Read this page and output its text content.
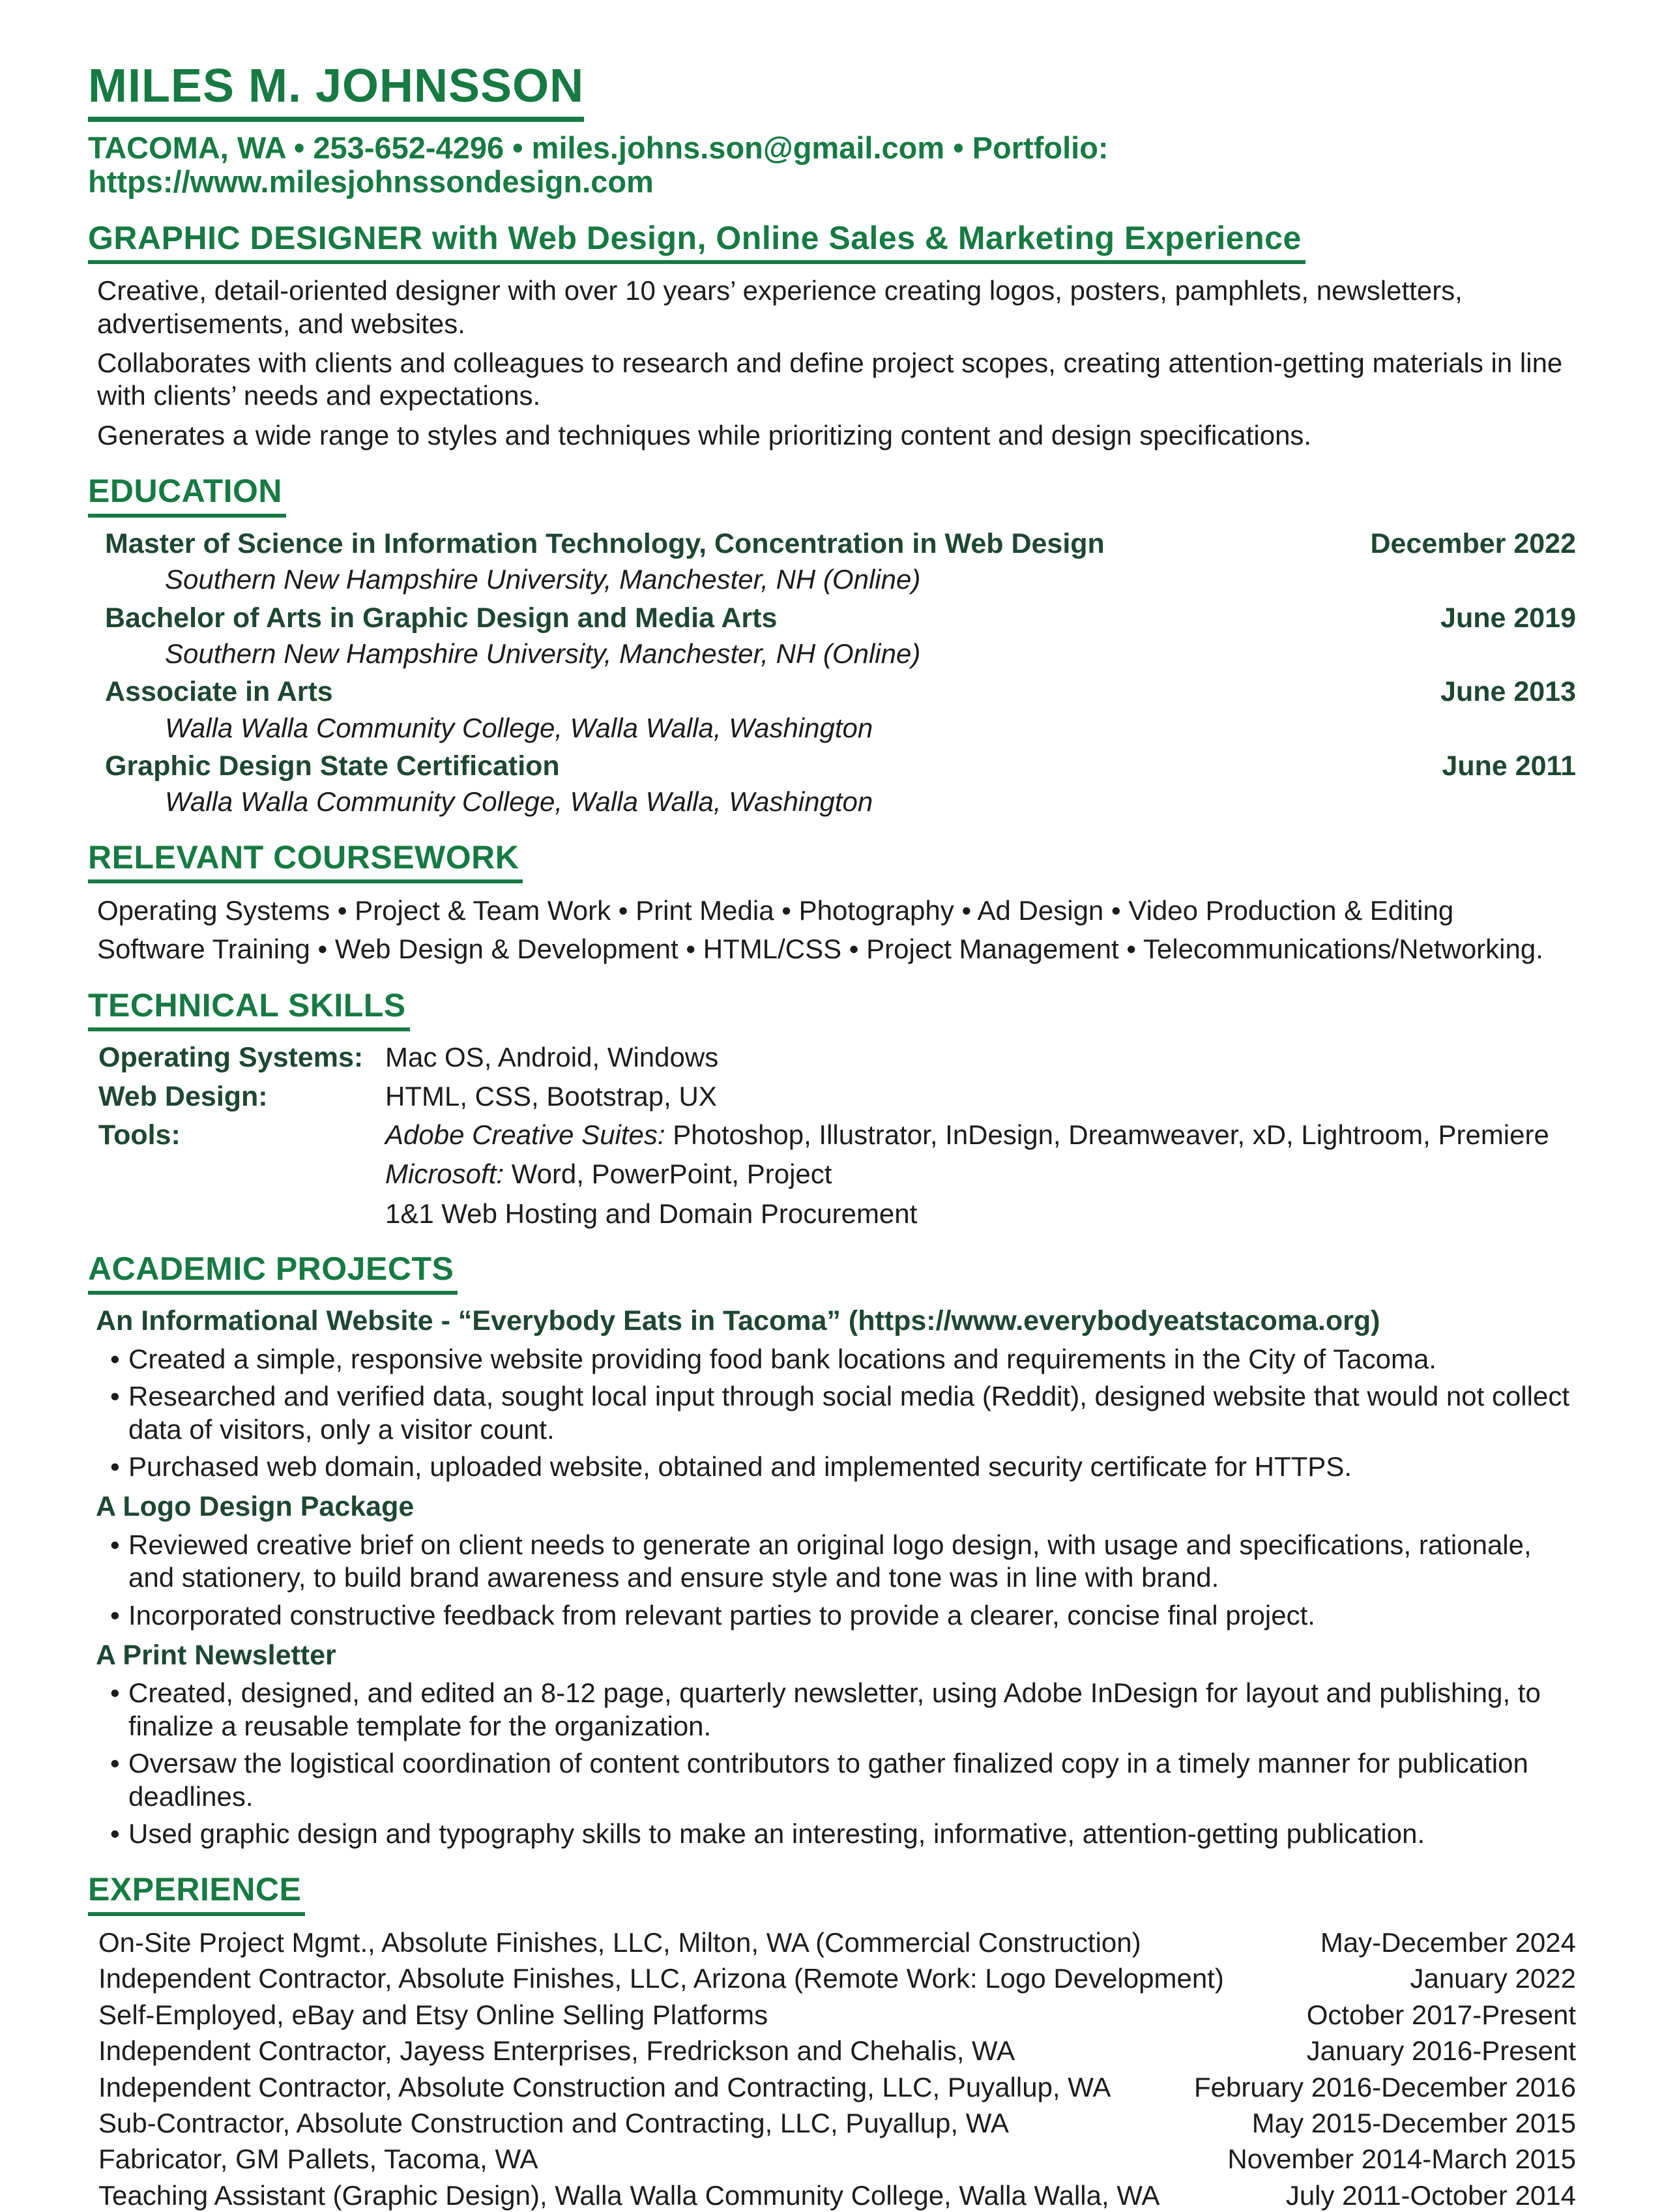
MILES M. JOHNSSON
TACOMA, WA • 253-652-4296 • miles.johns.son@gmail.com • Portfolio: https://www.milesjohnssondesign.com
GRAPHIC DESIGNER with Web Design, Online Sales & Marketing Experience

Creative, detail-oriented designer with over 10 years’ experience creating logos, posters, pamphlets, newsletters, advertisements, and websites.

Collaborates with clients and colleagues to research and define project scopes, creating attention-getting materials in line with clients’ needs and expectations.

Generates a wide range to styles and techniques while prioritizing content and design specifications.

EDUCATION
Master of Science in Information Technology, Concentration in Web Design	December 2022
Southern New Hampshire University, Manchester, NH (Online)
Bachelor of Arts in Graphic Design and Media Arts	June 2019
Southern New Hampshire University, Manchester, NH (Online)
Associate in Arts	June 2013
Walla Walla Community College, Walla Walla, Washington
Graphic Design State Certification	June 2011
Walla Walla Community College, Walla Walla, Washington
RELEVANT COURSEWORK

Operating Systems • Project & Team Work • Print Media • Photography • Ad Design • Video Production & Editing

Software Training • Web Design & Development • HTML/CSS • Project Management • Telecommunications/Networking.

TECHNICAL SKILLS
Operating Systems: Mac OS, Android, Windows
Web Design:	HTML, CSS, Bootstrap, UX
Tools:	Adobe Creative Suites: Photoshop, Illustrator, InDesign, Dreamweaver, xD, Lightroom, Premiere
Microsoft: Word, PowerPoint, Project
1&1 Web Hosting and Domain Procurement
ACADEMIC PROJECTS
An Informational Website - “Everybody Eats in Tacoma” (https://www.everybodyeatstacoma.org)
• Created a simple, responsive website providing food bank locations and requirements in the City of Tacoma.
• Researched and verified data, sought local input through social media (Reddit), designed website that would not collect data of visitors, only a visitor count.
• Purchased web domain, uploaded website, obtained and implemented security certificate for HTTPS.
A Logo Design Package
• Reviewed creative brief on client needs to generate an original logo design, with usage and specifications, rationale, and stationery, to build brand awareness and ensure style and tone was in line with brand.
• Incorporated constructive feedback from relevant parties to provide a clearer, concise final project.
A Print Newsletter
• Created, designed, and edited an 8-12 page, quarterly newsletter, using Adobe InDesign for layout and publishing, to finalize a reusable template for the organization.
• Oversaw the logistical coordination of content contributors to gather finalized copy in a timely manner for publication deadlines.
• Used graphic design and typography skills to make an interesting, informative, attention-getting publication.
EXPERIENCE
On-Site Project Mgmt., Absolute Finishes, LLC, Milton, WA (Commercial Construction)	May-December 2024
Independent Contractor, Absolute Finishes, LLC, Arizona (Remote Work: Logo Development)	January 2022
Self-Employed, eBay and Etsy Online Selling Platforms	October 2017-Present
Independent Contractor, Jayess Enterprises, Fredrickson and Chehalis, WA	January 2016-Present
Independent Contractor, Absolute Construction and Contracting, LLC, Puyallup, WA	February 2016-December 2016
Sub-Contractor, Absolute Construction and Contracting, LLC, Puyallup, WA	May 2015-December 2015
Fabricator, GM Pallets, Tacoma, WA	November 2014-March 2015
Teaching Assistant (Graphic Design), Walla Walla Community College, Walla Walla, WA	July 2011-October 2014
